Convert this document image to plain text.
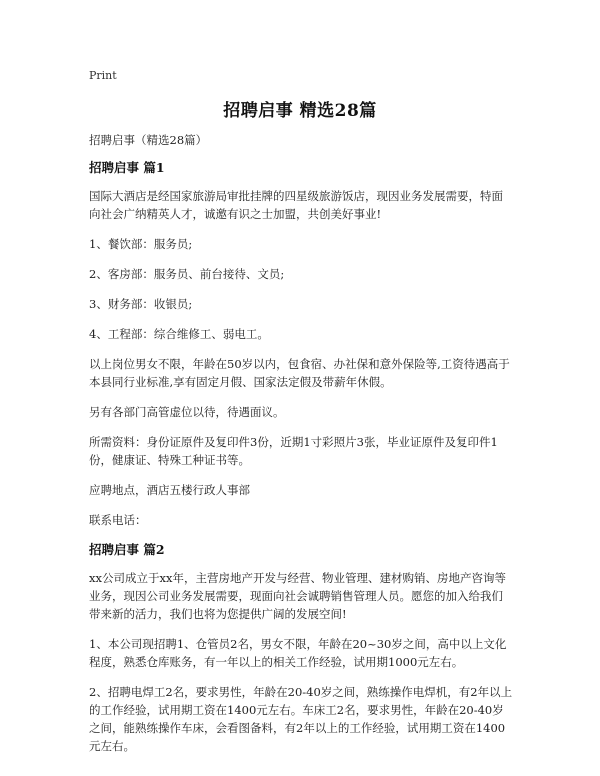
Print
招聘启事 精选28篇

招聘启事（精选28篇）

招聘启事 篇1

国际大酒店是经国家旅游局审批挂牌的四星级旅游饭店，现因业务发展需要，特面向社会广纳精英人才，诚邀有识之士加盟，共创美好事业!

1、餐饮部：服务员;

2、客房部：服务员、前台接待、文员;

3、财务部：收银员;

4、工程部：综合维修工、弱电工。

以上岗位男女不限，年龄在50岁以内，包食宿、办社保和意外保险等,工资待遇高于本县同行业标准,享有固定月假、国家法定假及带薪年休假。

另有各部门高管虚位以待，待遇面议。

所需资料：身份证原件及复印件3份，近期1寸彩照片3张，毕业证原件及复印件1份，健康证、特殊工种证书等。

应聘地点，酒店五楼行政人事部

联系电话：

招聘启事 篇2

xx公司成立于xx年，主营房地产开发与经营、物业管理、建材购销、房地产咨询等业务，现因公司业务发展需要，现面向社会诚聘销售管理人员。愿您的加入给我们带来新的活力，我们也将为您提供广阔的发展空间!

1、本公司现招聘1、仓管员2名，男女不限，年龄在20~30岁之间，高中以上文化程度，熟悉仓库账务，有一年以上的相关工作经验，试用期1000元左右。

2、招聘电焊工2名，要求男性，年龄在20-40岁之间，熟练操作电焊机，有2年以上的工作经验，试用期工资在1400元左右。车床工2名，要求男性，年龄在20-40岁之间，能熟练操作车床，会看图备料，有2年以上的工作经验，试用期工资在1400元左右。
